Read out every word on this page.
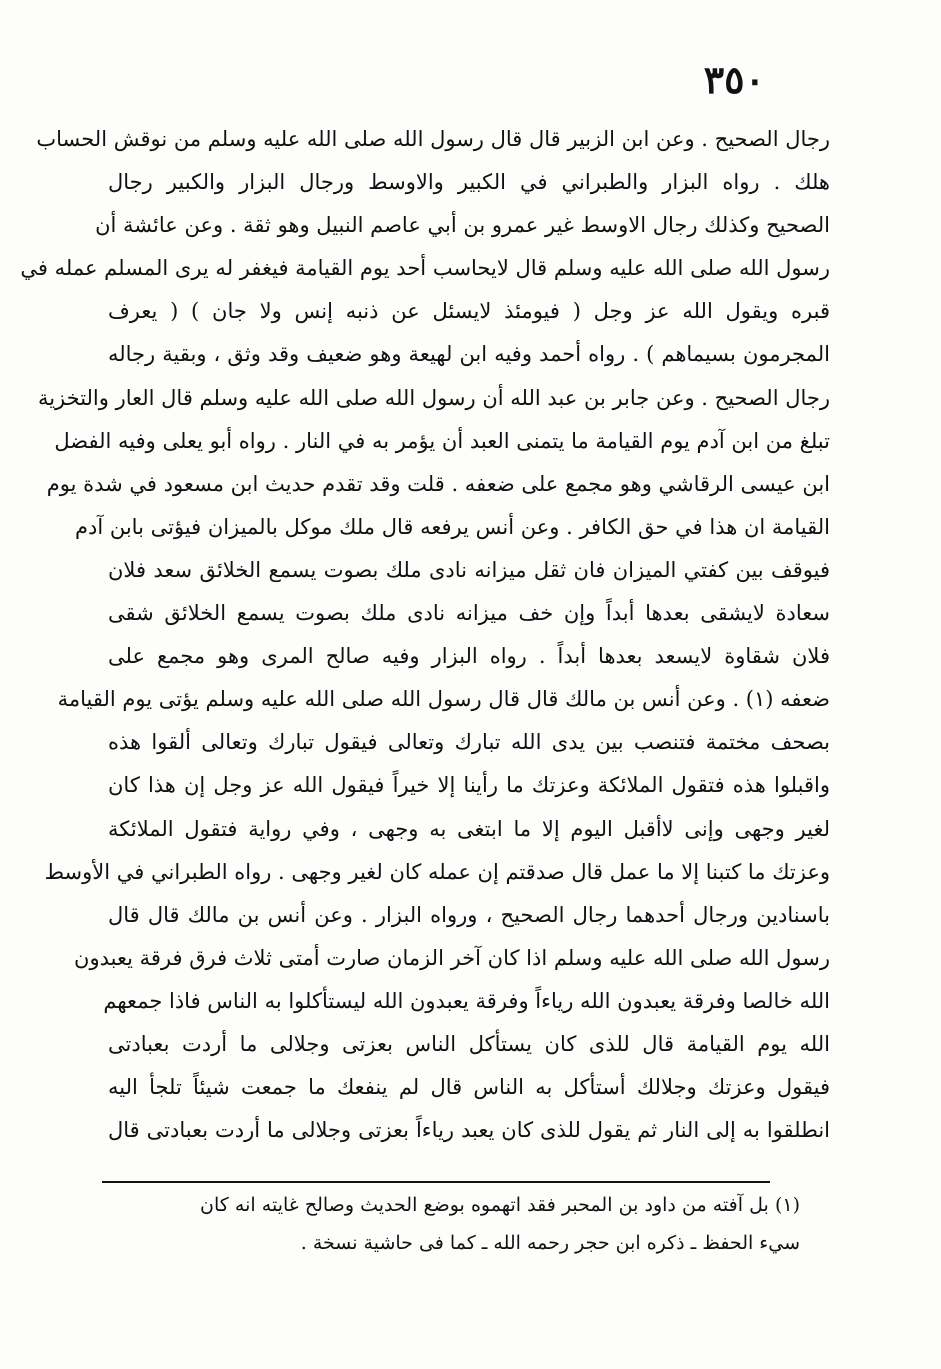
٣٥٠
رجال الصحيح . وعن ابن الزبير قال قال رسول الله صلى الله عليه وسلم من نوقش الحساب
هلك . رواه البزار والطبراني في الكبير والاوسط ورجال البزار والكبير رجال
الصحيح وكذلك رجال الاوسط غير عمرو بن أبي عاصم النبيل وهو ثقة . وعن عائشة أن
رسول الله صلى الله عليه وسلم قال لايحاسب أحد يوم القيامة فيغفر له يرى المسلم عمله في
قبره ويقول الله عز وجل ( فيومئذ لايسئل عن ذنبه إنس ولا جان ) ( يعرف
المجرمون بسيماهم ) . رواه أحمد وفيه ابن لهيعة وهو ضعيف وقد وثق ، وبقية رجاله
رجال الصحيح . وعن جابر بن عبد الله أن رسول الله صلى الله عليه وسلم قال العار والتخزية
تبلغ من ابن آدم يوم القيامة ما يتمنى العبد أن يؤمر به في النار . رواه أبو يعلى وفيه الفضل
ابن عيسى الرقاشي وهو مجمع على ضعفه . قلت وقد تقدم حديث ابن مسعود في شدة يوم
القيامة ان هذا في حق الكافر . وعن أنس يرفعه قال ملك موكل بالميزان فيؤتى بابن آدم
فيوقف بين كفتي الميزان فان ثقل ميزانه نادى ملك بصوت يسمع الخلائق سعد فلان
سعادة لايشقى بعدها أبداً وإن خف ميزانه نادى ملك بصوت يسمع الخلائق شقى
فلان شقاوة لايسعد بعدها أبداً . رواه البزار وفيه صالح المرى وهو مجمع على
ضعفه (١) . وعن أنس بن مالك قال قال رسول الله صلى الله عليه وسلم يؤتى يوم القيامة
بصحف مختمة فتنصب بين يدى الله تبارك وتعالى فيقول تبارك وتعالى ألقوا هذه
واقبلوا هذه فتقول الملائكة وعزتك ما رأينا إلا خيراً فيقول الله عز وجل إن هذا كان
لغير وجهى وإنى لاأقبل اليوم إلا ما ابتغى به وجهى ، وفي رواية فتقول الملائكة
وعزتك ما كتبنا إلا ما عمل قال صدقتم إن عمله كان لغير وجهى . رواه الطبراني في الأوسط
باسنادين ورجال أحدهما رجال الصحيح ، ورواه البزار . وعن أنس بن مالك قال قال
رسول الله صلى الله عليه وسلم اذا كان آخر الزمان صارت أمتى ثلاث فرق فرقة يعبدون
الله خالصا وفرقة يعبدون الله رياءاً وفرقة يعبدون الله ليستأكلوا به الناس فاذا جمعهم
الله يوم القيامة قال للذى كان يستأكل الناس بعزتى وجلالى ما أردت بعبادتى
فيقول وعزتك وجلالك أستأكل به الناس قال لم ينفعك ما جمعت شيئاً تلجأ اليه
انطلقوا به إلى النار ثم يقول للذى كان يعبد رياءاً بعزتى وجلالى ما أردت بعبادتى قال
(١) بل آفته من داود بن المحبر فقد اتهموه بوضع الحديث وصالح غايته انه كان
سيء الحفظ ـ ذكره ابن حجر رحمه الله ـ كما فى حاشية نسخة .
